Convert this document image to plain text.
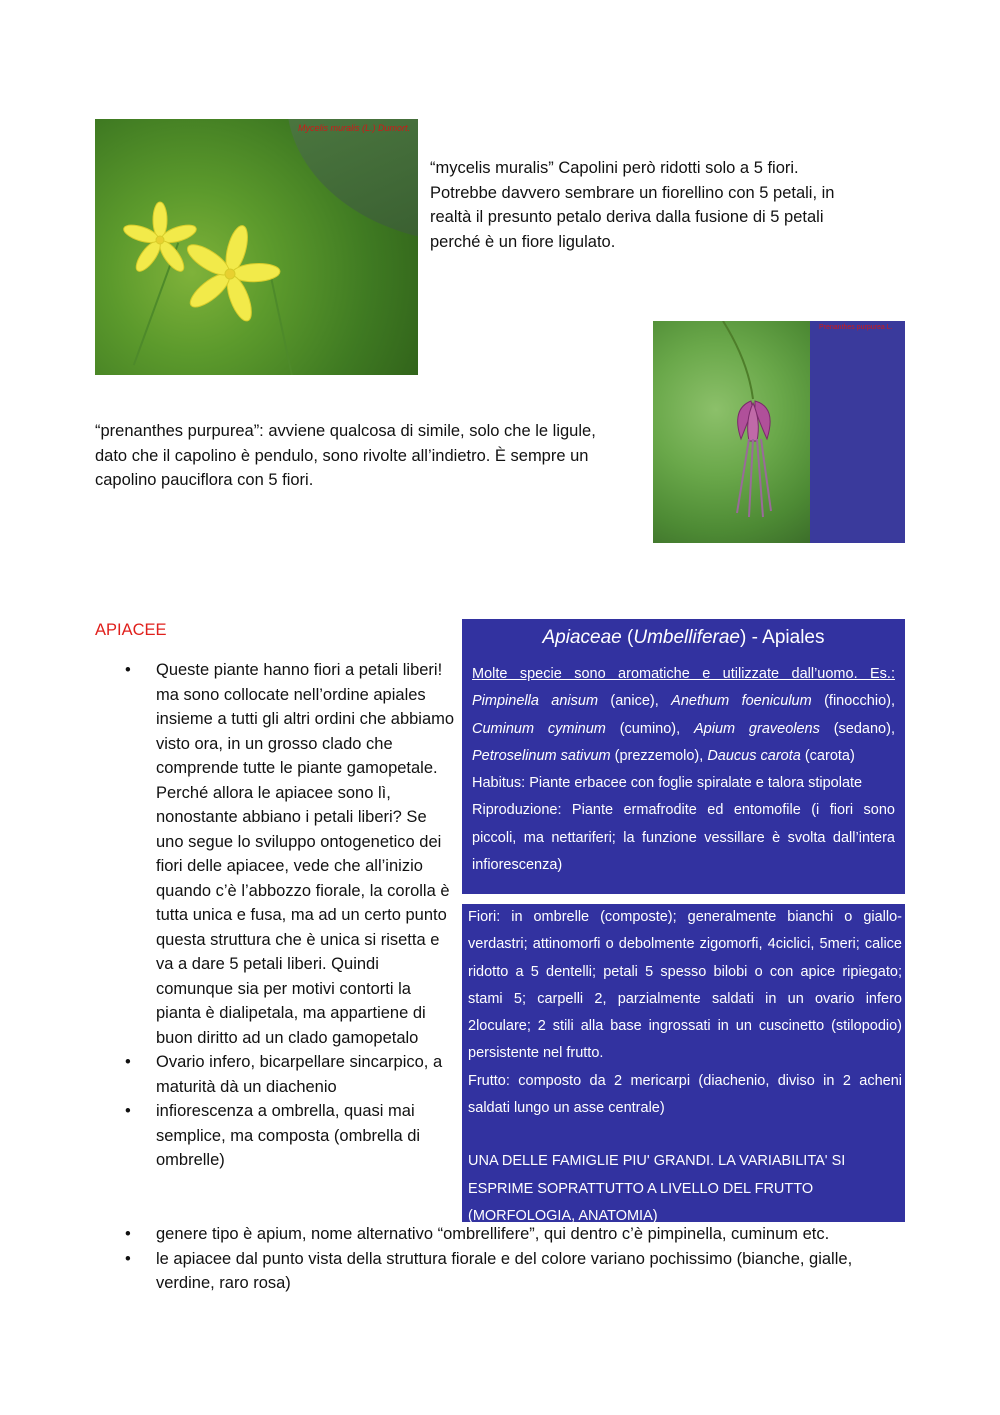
Mycelis muralis (L.) Dumort.
“mycelis muralis” Capolini però ridotti solo a 5 fiori. Potrebbe davvero sembrare un fiorellino con 5 petali, in realtà il presunto petalo deriva dalla fusione di 5 petali perché è un fiore ligulato.
Prenanthes purpurea L.
“prenanthes purpurea”: avviene qualcosa di simile, solo che le ligule, dato che il capolino è pendulo, sono rivolte all’indietro. È sempre un capolino pauciflora con 5 fiori.
APIACEE	Apiaceae (Umbelliferae) - Apiales
Molte specie sono aromatiche e utilizzate dall’uomo. Es.: Pimpinella anisum (anice), Anethum foeniculum (finocchio), Cuminum cyminum (cumino), Apium graveolens (sedano), Petroselinum sativum (prezzemolo), Daucus carota (carota)
Habitus: Piante erbacee con foglie spiralate e talora stipolate
Riproduzione: Piante ermafrodite ed entomofile (i fiori sono piccoli, ma nettariferi; la funzione vessillare è svolta dall’intera infiorescenza)
Fiori: in ombrelle (composte); generalmente bianchi o giallo-verdastri; attinomorfi o debolmente zigomorfi, 4ciclici, 5meri; calice ridotto a 5 dentelli; petali 5 spesso bilobi o con apice ripiegato; stami 5; carpelli 2, parzialmente saldati in un ovario infero 2loculare; 2 stili alla base ingrossati in un cuscinetto (stilopodio) persistente nel frutto.
Frutto: composto da 2 mericarpi (diachenio, diviso in 2 acheni saldati lungo un asse centrale)
UNA DELLE FAMIGLIE PIU' GRANDI. LA VARIABILITA' SI ESPRIME SOPRATTUTTO A LIVELLO DEL FRUTTO (MORFOLOGIA, ANATOMIA)
• Queste piante hanno fiori a petali liberi! ma sono collocate nell’ordine apiales insieme a tutti gli altri ordini che abbiamo visto ora, in un grosso clado che comprende tutte le piante gamopetale. Perché allora le apiacee sono lì, nonostante abbiano i petali liberi? Se uno segue lo sviluppo ontogenetico dei fiori delle apiacee, vede che all’inizio quando c’è l’abbozzo fiorale, la corolla è tutta unica e fusa, ma ad un certo punto questa struttura che è unica si risetta e va a dare 5 petali liberi. Quindi comunque sia per motivi contorti la pianta è dialipetala, ma appartiene di buon diritto ad un clado gamopetalo
• Ovario infero, bicarpellare sincarpico, a maturità dà un diachenio
• infiorescenza a ombrella, quasi mai semplice, ma composta (ombrella di ombrelle)
• genere tipo è apium, nome alternativo “ombrellifere”, qui dentro c’è pimpinella, cuminum etc.
• le apiacee dal punto vista della struttura fiorale e del colore variano pochissimo (bianche, gialle, verdine, raro rosa)
